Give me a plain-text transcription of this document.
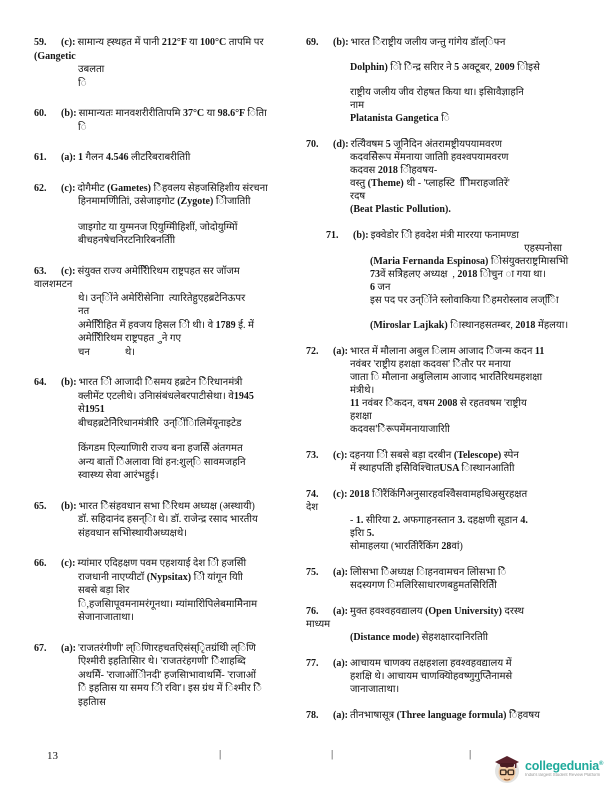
59.	(c): सामान्य ह्स्थहत में पानी 212°F या 100°C तापमि पर
(Gangetic
उबलता
ि
60.	(b): सामान्यतः मानवशरीरीतिापमि 37°C या 98.6°F ितिा
ि
61.	(a): 1 गैलन 4.546 लीटरिेबराबरीतिाी
62.	(c): दोगैमीट (Gametes) िेहवलय सेहजसिहिशीय संरचना
हिनमामणिीतिां, उसेजाइगोट (Zygote) िीजातािी
जाइगोट या युग्मनज एियुग्मिीहिशीं, जोदोयुग्मिों
बीचहनषेचनिरटनािरिबनतीिी
63.	(c): संयुक्त राज्य अमेरिीिरिथम राष्ट्रपहत सर जॉजम
वालशमटन
थे। उन्िोंने अमेरिीसेनािा  त्यारितेहुएहब्रटेनिऊपर
नत
अमेरिीिहित में हवजय हिसल िी थी। वे 1789 ई. में
अमेरिीिरिथम राष्ट्रपहत   ुने गए
चन              थे।
64.	(b): भारत िी आजादी िेसमय हब्रटेन िेरिधानमंत्री
क्लीमेंट एटलीथे। उनिासंबंधलेबरपाटीसेथा। वे1945
से1951
बीचहब्रटेनिेरिधानमंत्रीरिे  उन्िींिालिमेंयूनाइटेड
किंगडम एिल्याणिारी राज्य बना हजसिें अंतगमत
अन्य बातों िेअलावा वािं हन:शुल्ि सावमजहनि
स्वास्थ्य सेवा आरंभहुई।
65.	(b): भारत िेसंहवधान सभा िेरिथम अध्यक्ष (अस्थायी)
डॉ. सहिदानंद हसन्िा थे। डॉ. राजेन्द्र रसाद भारतीय
संहवधान सभािेस्थायीअध्यक्षथे।
66.	(c): म्यांमार एदिहक्षण पवम एहशयाई देश िी हजसिी
राजधानी नाएप्यीटॉ (Nypsitax) िी यांगून यािी
सबसे बड़ा शिर
ि,हजसिापूवमनामरंगूनथा। म्यांमारिोपिलेबमामिेनाम
सेजानाजाताथा।
67.	(a): 'राजतरंगीणी' ल्िणिारहचतएिसंस्िृतग्रंथिी ल्िणि
एिश्मीरी इहतिासिार थे। 'राजतरंहगणी' िेशाहब्दि
अथमिें- 'राजाओंिीनदी' हजसिाभावाथमिें- 'राजाओं
िे इहतिास या समय िी रवाि'। इस ग्रंथ में िश्मीर िे
इहतिास
69.	(b): भारत िेराष्ट्रीय जलीय जन्तु गांगेय डॉल्िफ्न
Dolphin) िो िेन्द्र सरिार ने 5 अक्टूबर, 2009 िोइसे
राष्ट्रीय जलीय जीव रोहषत किया था। इसिावैज्ञाहनि
नाम
Platanista Gangetica ि
70.	(d): रत्येिवषम 5 जूनिेदिन अंतरामष्ट्रीयपयामवरण
कदवसिेरूप मेंमनाया जातािी हवश्वपयामवरण
कदवस 2018 िीहवषय-
वस्तु (Theme) थी - 'प्लाहस्टि   िोिमराहजतिरें'
रदष
(Beat Plastic Pollution).
71.	(b): इक्वेडोर िी हवदेश मंत्री माररया फनामण्डा
एहस्पनोसा
(Maria Fernanda Espinosa) िोसंयुक्तराष्ट्रमिासभािे
73वें सत्रिेहलए अध्यक्ष  , 2018 िोचुन ा गया था।
6 जन
इस पद पर उन्िोंने स्लोवाकिया िेहमरोस्लाव लज्िाि
(Miroslar Lajkak) िास्थानहसतम्बर, 2018 मेंहलया।
72.	(a): भारत में मौलाना अबुल िलाम आजाद िेजन्म कदन 11
नवंबर 'राष्ट्रीय हशक्षा कदवस' िेतौर पर मनाया
जाता ि मौलाना अबुलिलाम आजाद भारतिेरिथमहशक्षा
मंत्रीथे।
11 नवंबर िेकदन, वषम 2008 से रहतवषम 'राष्ट्रीय
हशक्षा
कदवस'िेरूपमेंमनायाजारिाी
73.	(c): दहनया िी सबसे बड़ा दरबीन (Telescope) स्पेन
में स्थाहपतिी इसिेविश्चिातUSA िास्थानआतािी
74.	(c): 2018 िीरैंकिंगिेअनुसारहवश्विेसवामहधिअसुरहक्षत
देश
- 1. सीरिया 2. अफगाहनस्तान 3. दहक्षणी सूडान 4.
इराि 5.
सोमाहलया (भारतिीरैंकिंग 28वां)
75.	(a): लोिसभा िेअध्यक्ष िाहनवामचन लोिसभा िे
सदस्यगण िमलिरिसाधारणबहुमतसेिरितेिी
76.	(a): मुक्त हवश्वहवद्यालय (Open University) दरस्थ
माध्यम
(Distance mode) सेहशक्षारदानिरतािी
77.	(a): आचायम चाणक्य तक्षहशला हवश्वहवद्यालय में
हशक्षि थे। आचायम चाणक्यिोहवष्णुगुप्तिेनामसे
जानाजाताथा।
78.	(a): तीनभाषासूत्र (Three language formula) िेहवषय
13	|	|	|
collegedunia®
India's largest Student Review Platform
